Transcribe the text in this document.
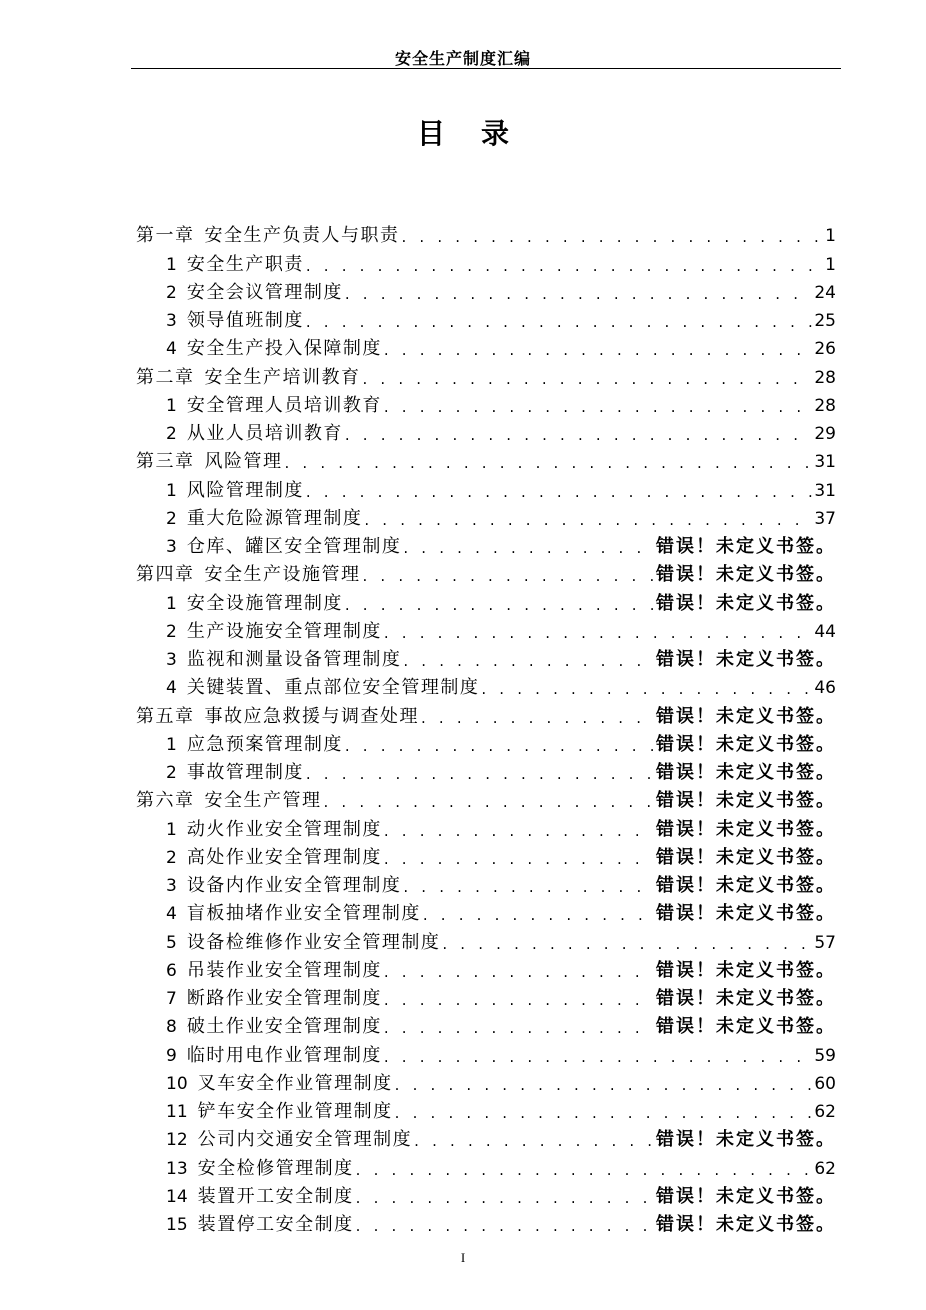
安全生产制度汇编
目 录
第一章 安全生产负责人与职责 . . .	1
1 安全生产职责 . . .	1
2 安全会议管理制度 . . .	24
3 领导值班制度 . . .	25
4 安全生产投入保障制度 . . .	26
第二章 安全生产培训教育 . . .	28
1 安全管理人员培训教育 . . .	28
2 从业人员培训教育 . . .	29
第三章 风险管理 . . .	31
1 风险管理制度 . . .	31
2 重大危险源管理制度 . . .	37
3 仓库、罐区安全管理制度 . . .	错误！未定义书签。
第四章 安全生产设施管理 . . .	错误！未定义书签。
1 安全设施管理制度 . . .	错误！未定义书签。
2 生产设施安全管理制度 . . .	44
3 监视和测量设备管理制度 . . .	错误！未定义书签。
4 关键装置、重点部位安全管理制度 . . .	46
第五章 事故应急救援与调查处理 . . .	错误！未定义书签。
1 应急预案管理制度 . . .	错误！未定义书签。
2 事故管理制度 . . .	错误！未定义书签。
第六章 安全生产管理 . . .	错误！未定义书签。
1 动火作业安全管理制度 . . .	错误！未定义书签。
2 高处作业安全管理制度 . . .	错误！未定义书签。
3 设备内作业安全管理制度 . . .	错误！未定义书签。
4 盲板抽堵作业安全管理制度 . . .	错误！未定义书签。
5 设备检维修作业安全管理制度 . . .	57
6 吊装作业安全管理制度 . . .	错误！未定义书签。
7 断路作业安全管理制度 . . .	错误！未定义书签。
8 破土作业安全管理制度 . . .	错误！未定义书签。
9 临时用电作业管理制度 . . .	59
10 叉车安全作业管理制度 . . .	60
11 铲车安全作业管理制度 . . .	62
12 公司内交通安全管理制度 . . .	错误！未定义书签。
13 安全检修管理制度 . . .	62
14 装置开工安全制度 . . .	错误！未定义书签。
15 装置停工安全制度 . . .	错误！未定义书签。
I
